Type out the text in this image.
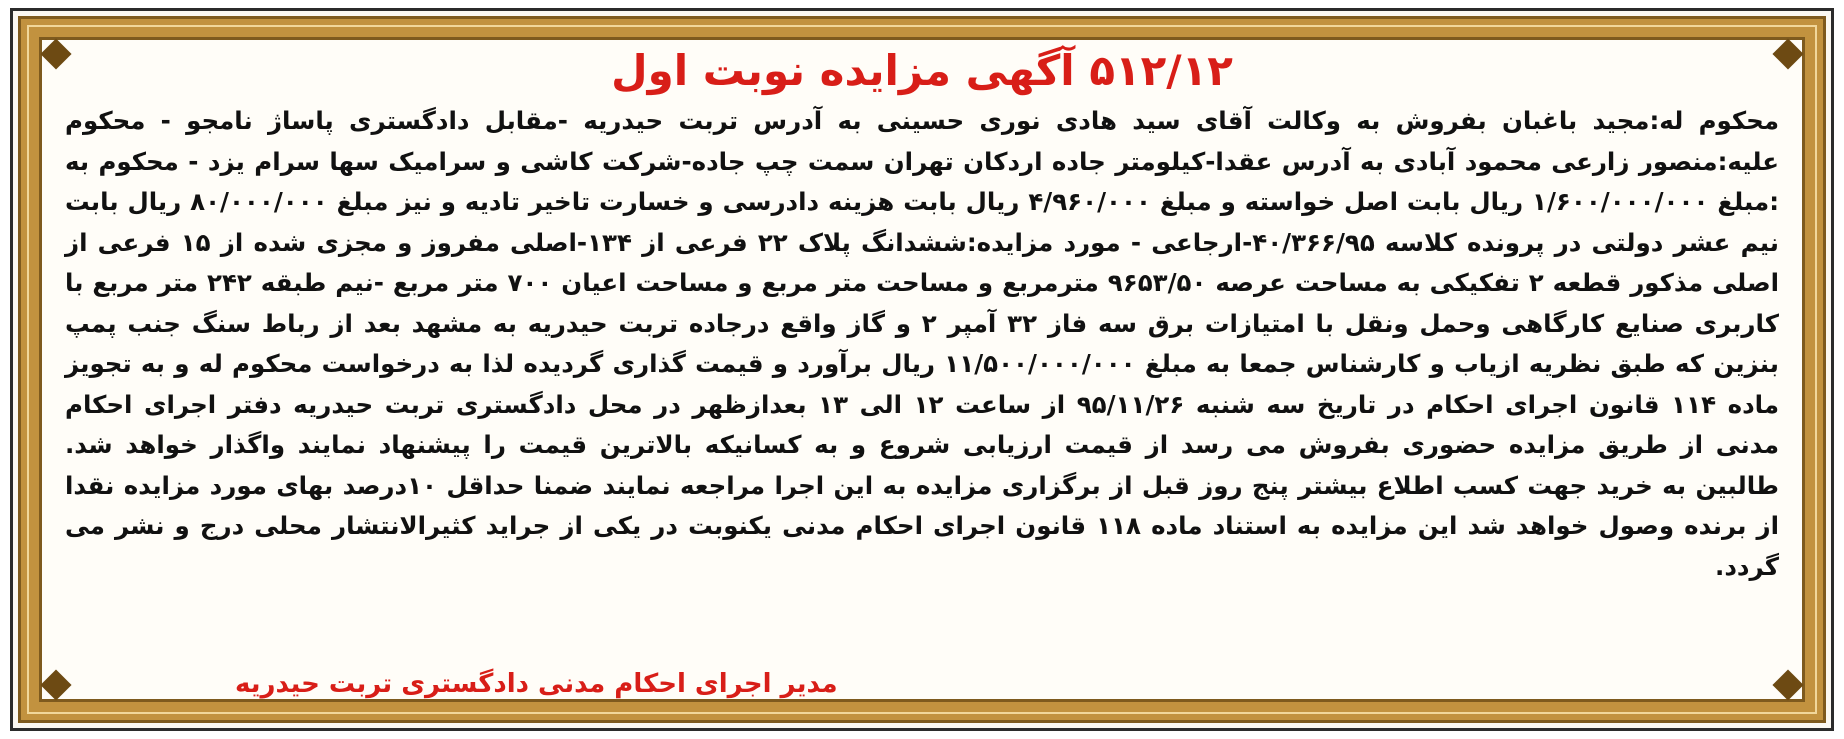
۵۱۲/۱۲ آگهی مزایده نوبت اول

محکوم له:مجید باغبان بفروش به وکالت آقای سید هادی نوری حسینی به آدرس تربت حیدریه -مقابل دادگستری پاساژ نامجو - محکوم علیه:منصور زارعی محمود آبادی به آدرس عقدا-کیلومتر جاده اردکان تهران سمت چپ جاده-شرکت کاشی و سرامیک سها سرام یزد - محکوم به :مبلغ ۱/۶۰۰/۰۰۰/۰۰۰ ریال بابت اصل خواسته و مبلغ ۴/۹۶۰/۰۰۰ ریال بابت هزینه دادرسی و خسارت تاخیر تادیه و نیز مبلغ ۸۰/۰۰۰/۰۰۰ ریال بابت نیم عشر دولتی در پرونده کلاسه ۴۰/۳۶۶/۹۵-ارجاعی - مورد مزایده:ششدانگ پلاک ۲۲ فرعی از ۱۳۴-اصلی مفروز و مجزی شده از ۱۵ فرعی از اصلی مذکور قطعه ۲ تفکیکی به مساحت عرصه ۹۶۵۳/۵۰ مترمربع و مساحت متر مربع و مساحت اعیان ۷۰۰ متر مربع -نیم طبقه ۲۴۲ متر مربع با کاربری صنایع کارگاهی وحمل ونقل با امتیازات برق سه فاز ۳۲ آمپر ۲ و گاز واقع درجاده تربت حیدریه به مشهد بعد از رباط سنگ جنب پمپ بنزین که طبق نظریه ازیاب و کارشناس جمعا به مبلغ ۱۱/۵۰۰/۰۰۰/۰۰۰ ریال برآورد و قیمت گذاری گردیده لذا به درخواست محکوم له و به تجویز ماده ۱۱۴ قانون اجرای احکام در تاریخ سه شنبه ۹۵/۱۱/۲۶ از ساعت ۱۲ الی ۱۳ بعدازظهر در محل دادگستری تربت حیدریه دفتر اجرای احکام مدنی از طریق مزایده حضوری بفروش می رسد از قیمت ارزیابی شروع و به کسانیکه بالاترین قیمت را پیشنهاد نمایند واگذار خواهد شد. طالبین به خرید جهت کسب اطلاع بیشتر پنج روز قبل از برگزاری مزایده به این اجرا مراجعه نمایند ضمنا حداقل ۱۰درصد بهای مورد مزایده نقدا از برنده وصول خواهد شد این مزایده به استناد ماده ۱۱۸ قانون اجرای احکام مدنی یکنوبت در یکی از جراید کثیرالانتشار محلی درج و نشر می گردد.

مدیر اجرای احکام مدنی دادگستری تربت حیدریه
